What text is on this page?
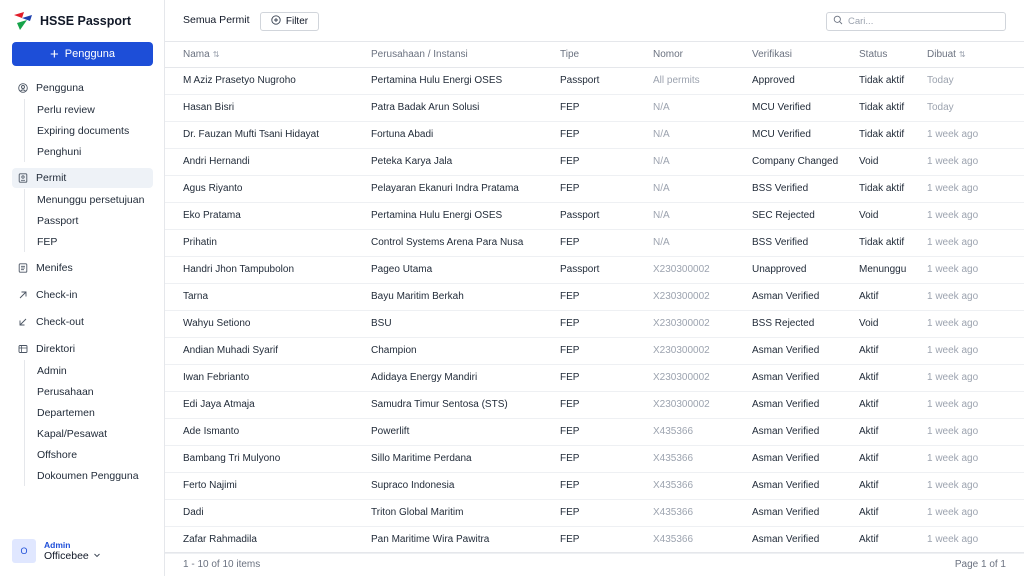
HSSE Passport
+ Pengguna
Pengguna
Perlu review
Expiring documents
Penghuni
Permit
Menunggu persetujuan
Passport
FEP
Menifes
Check-in
Check-out
Direktori
Admin
Perusahaan
Departemen
Kapal/Pesawat
Offshore
Dokoumen Pengguna
O
Admin
Officebee
Semua Permit	Filter
Cari...
Nama ⇅	Perusahaan / Instansi	Tipe	Nomor	Verifikasi	Status	Dibuat ⇅
M Aziz Prasetyo Nugroho	Pertamina Hulu Energi OSES	Passport	All permits	Approved	Tidak aktif	Today
Hasan Bisri	Patra Badak Arun Solusi	FEP	N/A	MCU Verified	Tidak aktif	Today
Dr. Fauzan Mufti Tsani Hidayat	Fortuna Abadi	FEP	N/A	MCU Verified	Tidak aktif	1 week ago
Andri Hernandi	Peteka Karya Jala	FEP	N/A	Company Changed	Void	1 week ago
Agus Riyanto	Pelayaran Ekanuri Indra Pratama	FEP	N/A	BSS Verified	Tidak aktif	1 week ago
Eko Pratama	Pertamina Hulu Energi OSES	Passport	N/A	SEC Rejected	Void	1 week ago
Prihatin	Control Systems Arena Para Nusa	FEP	N/A	BSS Verified	Tidak aktif	1 week ago
Handri Jhon Tampubolon	Pageo Utama	Passport	X230300002	Unapproved	Menunggu	1 week ago
Tarna	Bayu Maritim Berkah	FEP	X230300002	Asman Verified	Aktif	1 week ago
Wahyu Setiono	BSU	FEP	X230300002	BSS Rejected	Void	1 week ago
Andian Muhadi Syarif	Champion	FEP	X230300002	Asman Verified	Aktif	1 week ago
Iwan Febrianto	Adidaya Energy Mandiri	FEP	X230300002	Asman Verified	Aktif	1 week ago
Edi Jaya Atmaja	Samudra Timur Sentosa (STS)	FEP	X230300002	Asman Verified	Aktif	1 week ago
Ade Ismanto	Powerlift	FEP	X435366	Asman Verified	Aktif	1 week ago
Bambang Tri Mulyono	Sillo Maritime Perdana	FEP	X435366	Asman Verified	Aktif	1 week ago
Ferto Najimi	Supraco Indonesia	FEP	X435366	Asman Verified	Aktif	1 week ago
Dadi	Triton Global Maritim	FEP	X435366	Asman Verified	Aktif	1 week ago
Zafar Rahmadila	Pan Maritime Wira Pawitra	FEP	X435366	Asman Verified	Aktif	1 week ago
1 - 10 of 10 items	Page 1 of 1
